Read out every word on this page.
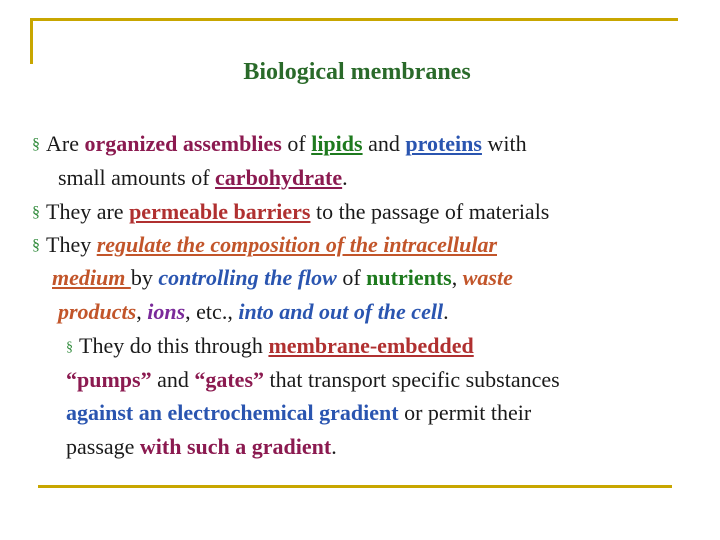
Biological membranes
§ Are organized assemblies of lipids and proteins with
small amounts of carbohydrate.
§ They are permeable barriers to the passage of materials
§ They regulate the composition of the intracellular
medium by controlling the flow of nutrients, waste
products, ions, etc., into and out of the cell.
§ They do this through membrane-embedded
“pumps” and “gates” that transport specific substances
against an electrochemical gradient or permit their
passage with such a gradient.
